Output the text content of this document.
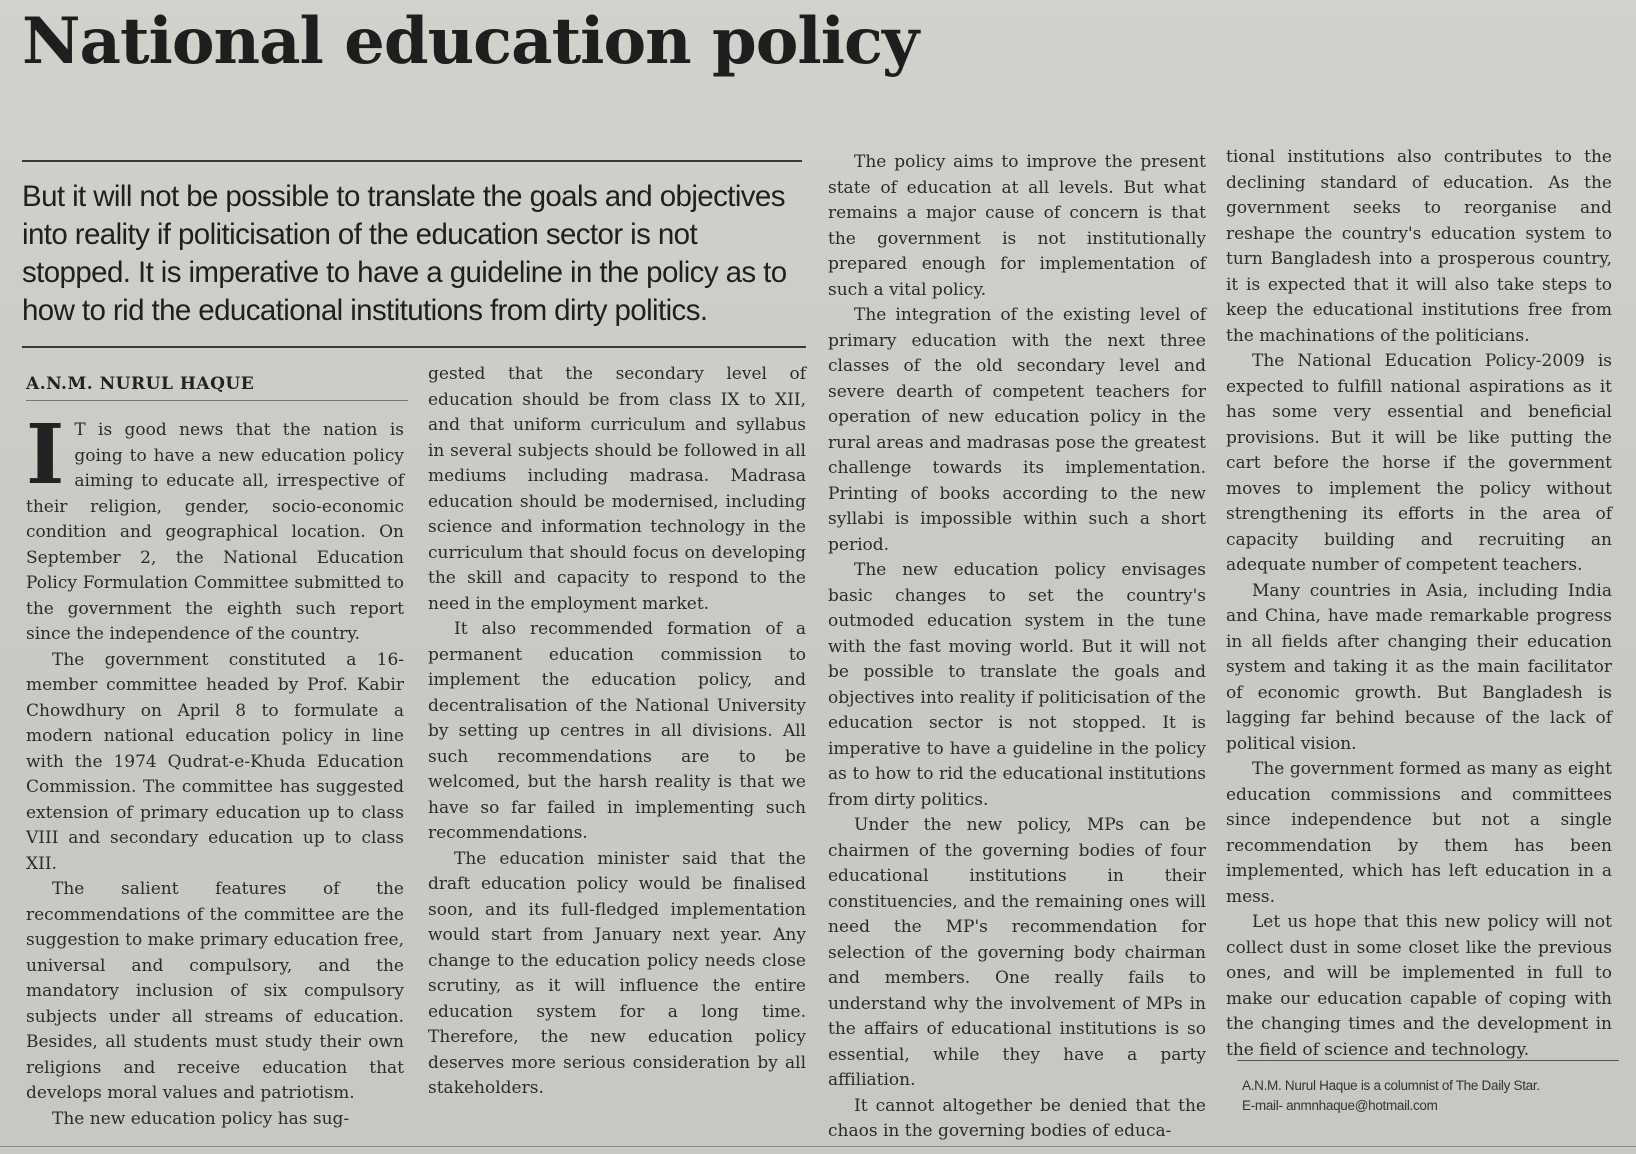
National education policy
But it will not be possible to translate the goals and objectives into reality if politicisation of the education sector is not stopped. It is imperative to have a guideline in the policy as to how to rid the educational institutions from dirty politics.
A.N.M. NURUL HAQUE

I T is good news that the nation is going to have a new education policy aiming to educate all, irrespective of their religion, gender, socio-economic condition and geographical location. On September 2, the National Education Policy Formulation Committee submitted to the government the eighth such report since the independence of the country.

The government constituted a 16-member committee headed by Prof. Kabir Chowdhury on April 8 to formulate a modern national education policy in line with the 1974 Qudrat-e-Khuda Education Commission. The committee has suggested extension of primary education up to class VIII and secondary education up to class XII.

The salient features of the recommendations of the committee are the suggestion to make primary education free, universal and compulsory, and the mandatory inclusion of six compulsory subjects under all streams of education. Besides, all students must study their own religions and receive education that develops moral values and patriotism.

The new education policy has sug-

gested that the secondary level of education should be from class IX to XII, and that uniform curriculum and syllabus in several subjects should be followed in all mediums including madrasa. Madrasa education should be modernised, including science and information technology in the curriculum that should focus on developing the skill and capacity to respond to the need in the employment market.

It also recommended formation of a permanent education commission to implement the education policy, and decentralisation of the National University by setting up centres in all divisions. All such recommendations are to be welcomed, but the harsh reality is that we have so far failed in implementing such recommendations.

The education minister said that the draft education policy would be finalised soon, and its full-fledged implementation would start from January next year. Any change to the education policy needs close scrutiny, as it will influence the entire education system for a long time. Therefore, the new education policy deserves more serious consideration by all stakeholders.

The policy aims to improve the present state of education at all levels. But what remains a major cause of concern is that the government is not institutionally prepared enough for implementation of such a vital policy.

The integration of the existing level of primary education with the next three classes of the old secondary level and severe dearth of competent teachers for operation of new education policy in the rural areas and madrasas pose the greatest challenge towards its implementation. Printing of books according to the new syllabi is impossible within such a short period.

The new education policy envisages basic changes to set the country's outmoded education system in the tune with the fast moving world. But it will not be possible to translate the goals and objectives into reality if politicisation of the education sector is not stopped. It is imperative to have a guideline in the policy as to how to rid the educational institutions from dirty politics.

Under the new policy, MPs can be chairmen of the governing bodies of four educational institutions in their constituencies, and the remaining ones will need the MP's recommendation for selection of the governing body chairman and members. One really fails to understand why the involvement of MPs in the affairs of educational institutions is so essential, while they have a party affiliation.

It cannot altogether be denied that the chaos in the governing bodies of educa-

tional institutions also contributes to the declining standard of education. As the government seeks to reorganise and reshape the country's education system to turn Bangladesh into a prosperous country, it is expected that it will also take steps to keep the educational institutions free from the machinations of the politicians.

The National Education Policy-2009 is expected to fulfill national aspirations as it has some very essential and beneficial provisions. But it will be like putting the cart before the horse if the government moves to implement the policy without strengthening its efforts in the area of capacity building and recruiting an adequate number of competent teachers.

Many countries in Asia, including India and China, have made remarkable progress in all fields after changing their education system and taking it as the main facilitator of economic growth. But Bangladesh is lagging far behind because of the lack of political vision.

The government formed as many as eight education commissions and committees since independence but not a single recommendation by them has been implemented, which has left education in a mess.

Let us hope that this new policy will not collect dust in some closet like the previous ones, and will be implemented in full to make our education capable of coping with the changing times and the development in the field of science and technology.

A.N.M. Nurul Haque is a columnist of The Daily Star.
E-mail- anmnhaque@hotmail.com
